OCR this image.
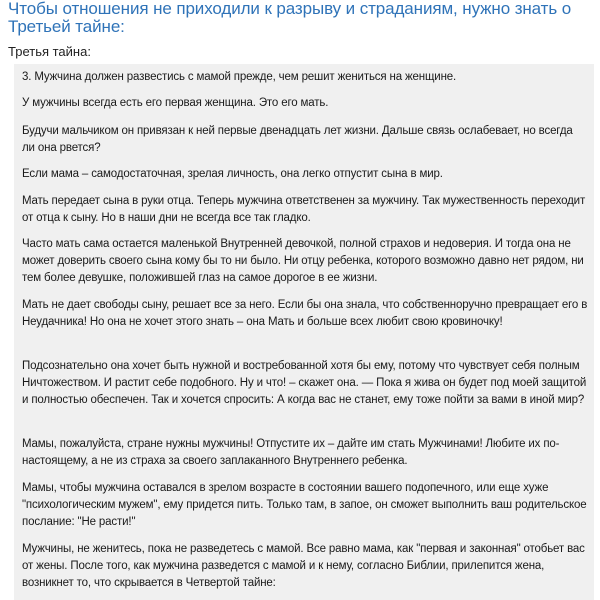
Чтобы отношения не приходили к разрыву и страданиям, нужно знать о Третьей тайне:
Третья тайна:

3. Мужчина должен развестись с мамой прежде, чем решит жениться на женщине.

У мужчины всегда есть его первая женщина. Это его мать.

Будучи мальчиком он привязан к ней первые двенадцать лет жизни. Дальше связь ослабевает, но всегда ли она рвется?

Если мама – самодостаточная, зрелая личность, она легко отпустит сына в мир.

Мать передает сына в руки отца. Теперь мужчина ответственен за мужчину. Так мужественность переходит от отца к сыну. Но в наши дни не всегда все так гладко.

Часто мать сама остается маленькой Внутренней девочкой, полной страхов и недоверия. И тогда она не может доверить своего сына кому бы то ни было. Ни отцу ребенка, которого возможно давно нет рядом, ни тем более девушке, положившей глаз на самое дорогое в ее жизни.

Мать не дает свободы сыну, решает все за него. Если бы она знала, что собственноручно превращает его в Неудачника! Но она не хочет этого знать – она Мать и больше всех любит свою кровиночку!

Подсознательно она хочет быть нужной и востребованной хотя бы ему, потому что чувствует себя полным Ничтожеством. И растит себе подобного. Ну и что! – скажет она. — Пока я жива он будет под моей защитой и полностью обеспечен. Так и хочется спросить: А когда вас не станет, ему тоже пойти за вами в иной мир?

Мамы, пожалуйста, стране нужны мужчины! Отпустите их – дайте им стать Мужчинами! Любите их по-настоящему, а не из страха за своего заплаканного Внутреннего ребенка.

Мамы, чтобы мужчина оставался в зрелом возрасте в состоянии вашего подопечного, или еще хуже "психологическим мужем", ему придется пить. Только там, в запое, он сможет выполнить ваш родительское послание: "Не расти!"

Мужчины, не женитесь, пока не разведетесь с мамой. Все равно мама, как "первая и законная" отобьет вас от жены. После того, как мужчина разведется с мамой и к нему, согласно Библии, прилепится жена, возникнет то, что скрывается в Четвертой тайне:
